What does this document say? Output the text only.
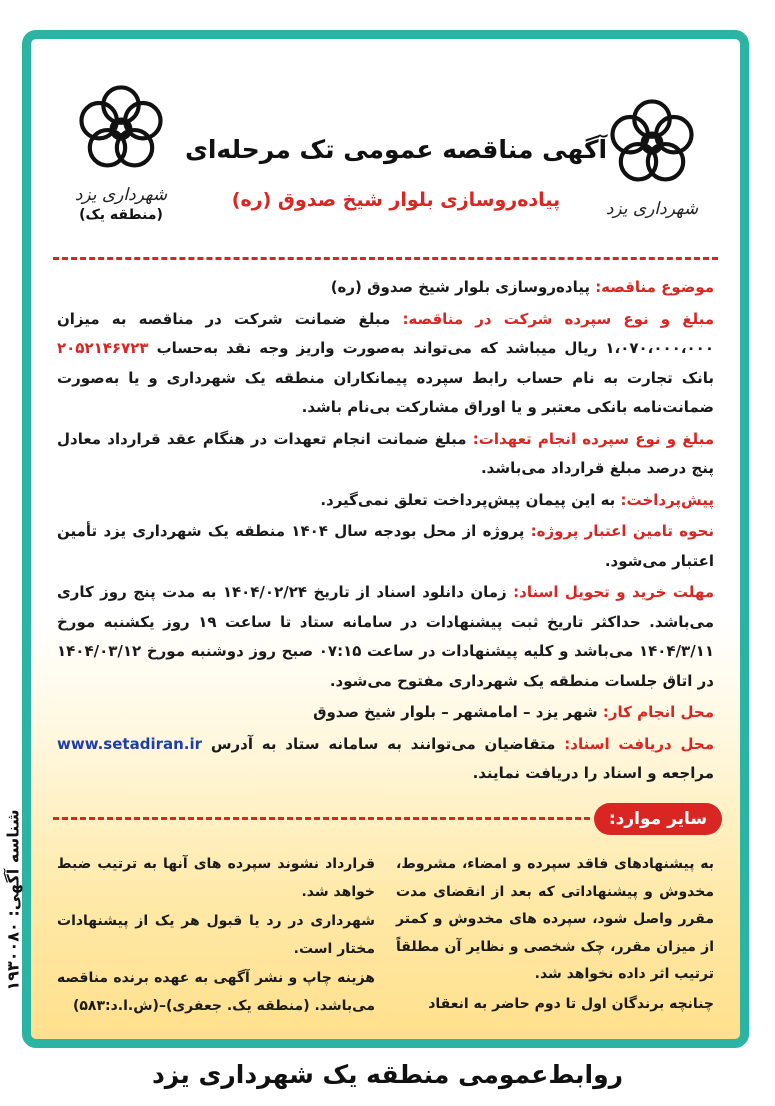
شهرداری یزد
شهرداری یزد
(منطقه یک)
آگهی مناقصه عمومی تک مرحله‌ای
پیاده‌روسازی بلوار شیخ صدوق (ره)

موضوع مناقصه: پیاده‌روسازی بلوار شیخ صدوق (ره)

مبلغ و نوع سپرده شرکت در مناقصه: مبلغ ضمانت شرکت در مناقصه به میزان ۱،۰۷۰،۰۰۰،۰۰۰ ریال میباشد که می‌تواند به‌صورت واریز وجه نقد به‌حساب ۲۰۵۲۱۴۶۷۲۳ بانک تجارت به نام حساب رابط سپرده پیمانکاران منطقه یک شهرداری و یا به‌صورت ضمانت‌نامه بانکی معتبر و یا اوراق مشارکت بی‌نام باشد.

مبلغ و نوع سپرده انجام تعهدات: مبلغ ضمانت انجام تعهدات در هنگام عقد قرارداد معادل پنج درصد مبلغ قرارداد می‌باشد.

پیش‌پرداخت: به این پیمان پیش‌پرداخت تعلق نمی‌گیرد.

نحوه تامین اعتبار پروژه: پروژه از محل بودجه سال ۱۴۰۴ منطقه یک شهرداری یزد تأمین اعتبار می‌شود.

مهلت خرید و تحویل اسناد: زمان دانلود اسناد از تاریخ ۱۴۰۴/۰۲/۲۴ به مدت پنج روز کاری می‌باشد. حداکثر تاریخ ثبت پیشنهادات در سامانه ستاد تا ساعت ۱۹ روز یکشنبه مورخ ۱۴۰۴/۳/۱۱ می‌باشد و کلیه پیشنهادات در ساعت ۰۷:۱۵ صبح روز دوشنبه مورخ ۱۴۰۴/۰۳/۱۲ در اتاق جلسات منطقه یک شهرداری مفتوح می‌شود.

محل انجام کار: شهر یزد – امامشهر – بلوار شیخ صدوق

محل دریافت اسناد: متقاضیان می‌توانند به سامانه ستاد به آدرس www.setadiran.ir مراجعه و اسناد را دریافت نمایند.

سایر موارد:

به پیشنهادهای فاقد سپرده و امضاء، مشروط، مخدوش و پیشنهاداتی که بعد از انقضای مدت مقرر واصل شود، سپرده های مخدوش و کمتر از میزان مقرر، چک شخصی و نظایر آن مطلقاً ترتیب اثر داده نخواهد شد.

چنانچه برندگان اول تا دوم حاضر به انعقاد

قرارداد نشوند سپرده های آنها به ترتیب ضبط خواهد شد.

شهرداری در رد یا قبول هر یک از پیشنهادات مختار است.

هزینه چاپ و نشر آگهی به عهده برنده مناقصه می‌باشد. (منطقه یک. جعفری)–(ش.ا.د:۵۸۳)

شناسه آگهی: ۱۹۳۰۰۸۰
روابط‌عمومی منطقه یک شهرداری یزد
